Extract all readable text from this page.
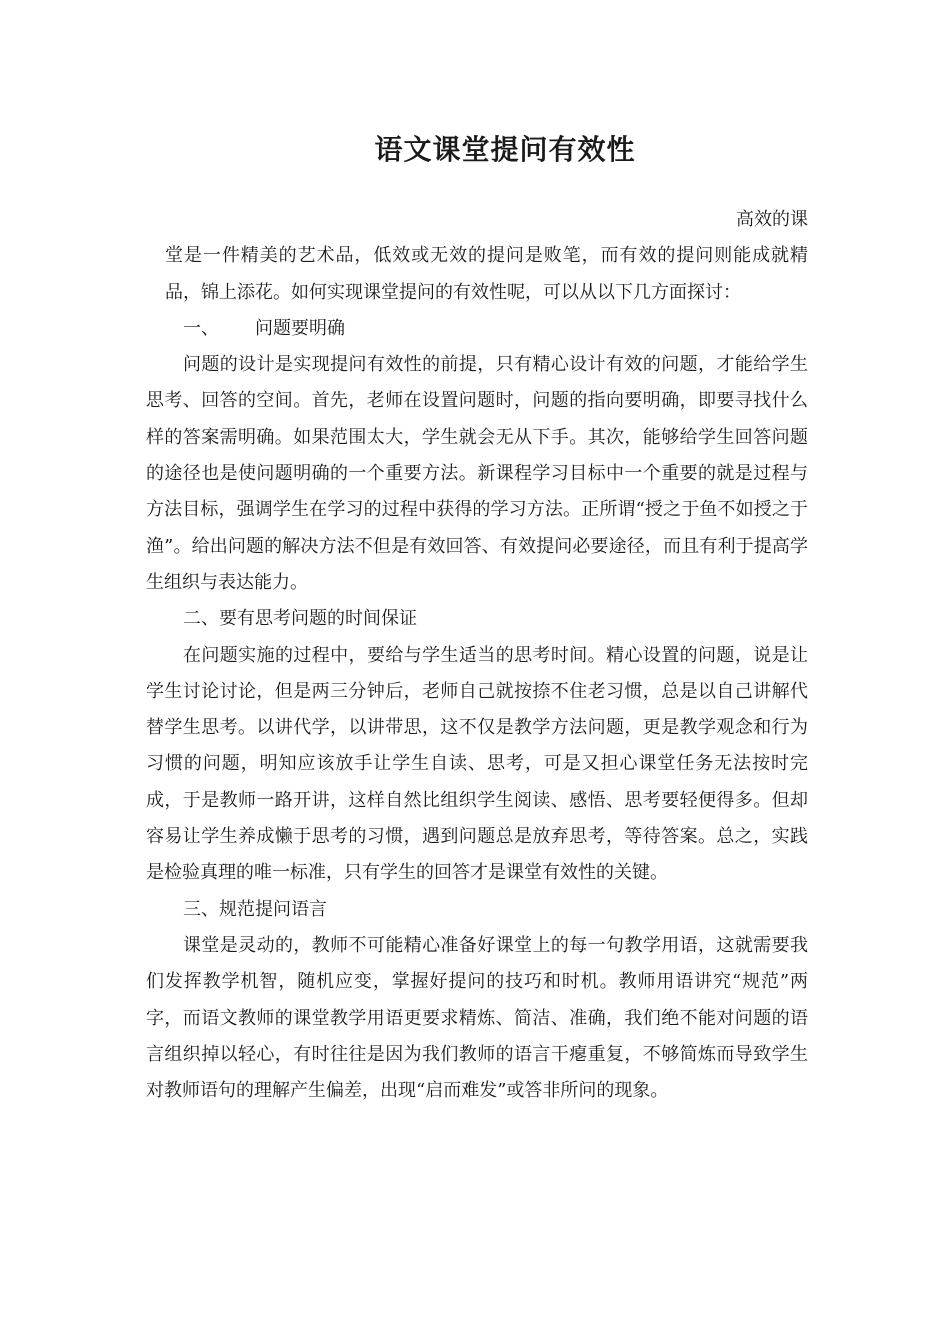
语文课堂提问有效性

高效的课

堂是一件精美的艺术品，低效或无效的提问是败笔，而有效的提问则能成就精品，锦上添花。如何实现课堂提问的有效性呢，可以从以下几方面探讨：

一、 问题要明确

问题的设计是实现提问有效性的前提，只有精心设计有效的问题，才能给学生思考、回答的空间。首先，老师在设置问题时，问题的指向要明确，即要寻找什么样的答案需明确。如果范围太大，学生就会无从下手。其次，能够给学生回答问题的途径也是使问题明确的一个重要方法。新课程学习目标中一个重要的就是过程与方法目标，强调学生在学习的过程中获得的学习方法。正所谓“授之于鱼不如授之于渔”。给出问题的解决方法不但是有效回答、有效提问必要途径，而且有利于提高学生组织与表达能力。

二、要有思考问题的时间保证

在问题实施的过程中，要给与学生适当的思考时间。精心设置的问题，说是让学生讨论讨论，但是两三分钟后，老师自己就按捺不住老习惯，总是以自己讲解代替学生思考。以讲代学，以讲带思，这不仅是教学方法问题，更是教学观念和行为习惯的问题，明知应该放手让学生自读、思考，可是又担心课堂任务无法按时完成，于是教师一路开讲，这样自然比组织学生阅读、感悟、思考要轻便得多。但却容易让学生养成懒于思考的习惯，遇到问题总是放弃思考，等待答案。总之，实践是检验真理的唯一标准，只有学生的回答才是课堂有效性的关键。

三、规范提问语言

课堂是灵动的，教师不可能精心准备好课堂上的每一句教学用语，这就需要我们发挥教学机智，随机应变，掌握好提问的技巧和时机。教师用语讲究“规范”两字，而语文教师的课堂教学用语更要求精炼、简洁、准确，我们绝不能对问题的语言组织掉以轻心，有时往往是因为我们教师的语言干瘪重复，不够简炼而导致学生对教师语句的理解产生偏差，出现“启而难发”或答非所问的现象。
